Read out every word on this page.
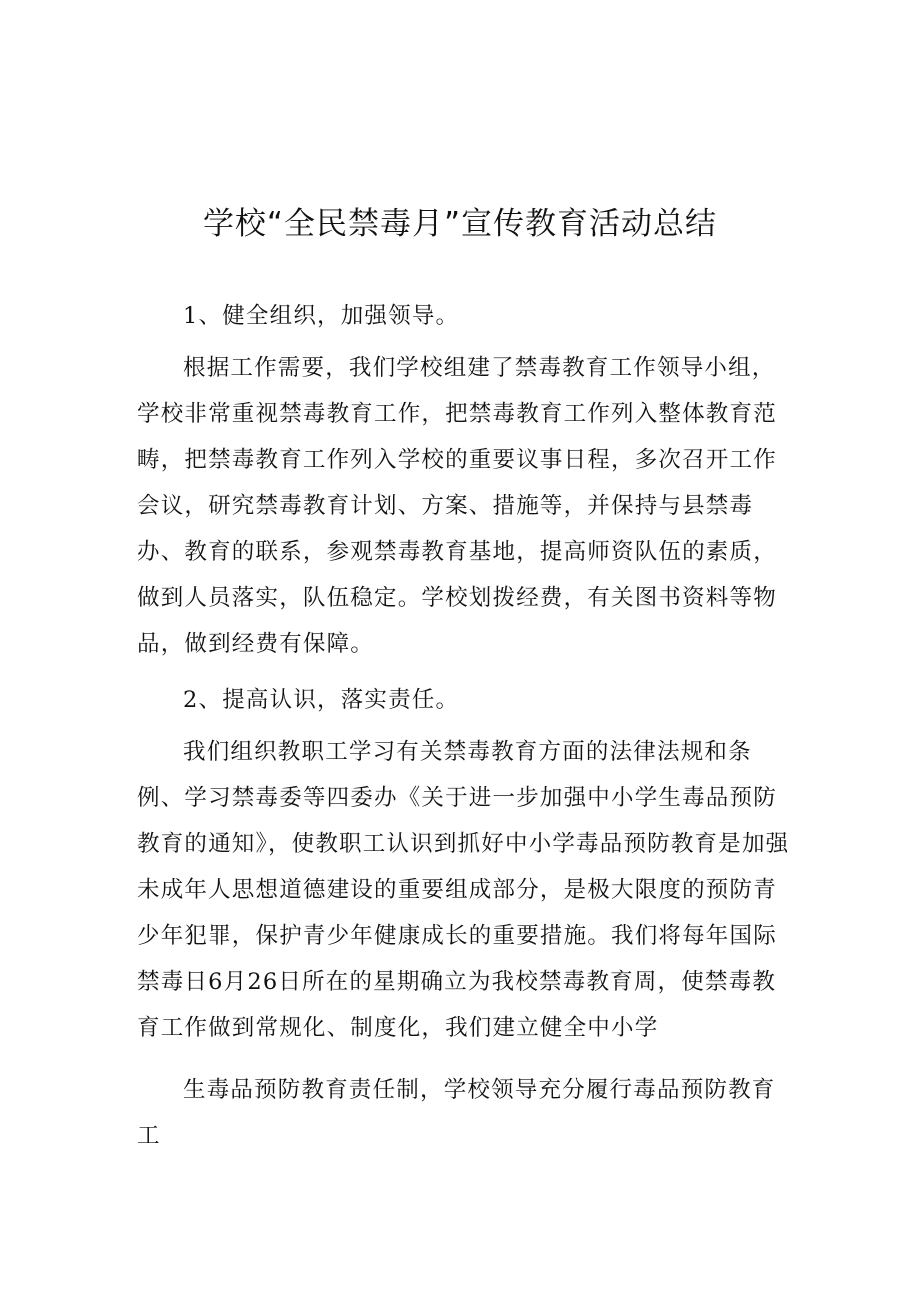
学校“全民禁毒月”宣传教育活动总结

1、健全组织，加强领导。

根据工作需要，我们学校组建了禁毒教育工作领导小组，学校非常重视禁毒教育工作，把禁毒教育工作列入整体教育范畴，把禁毒教育工作列入学校的重要议事日程，多次召开工作会议，研究禁毒教育计划、方案、措施等，并保持与县禁毒办、教育的联系，参观禁毒教育基地，提高师资队伍的素质，做到人员落实，队伍稳定。学校划拨经费，有关图书资料等物品，做到经费有保障。

2、提高认识，落实责任。

我们组织教职工学习有关禁毒教育方面的法律法规和条例、学习禁毒委等四委办《关于进一步加强中小学生毒品预防教育的通知》，使教职工认识到抓好中小学毒品预防教育是加强未成年人思想道德建设的重要组成部分，是极大限度的预防青少年犯罪，保护青少年健康成长的重要措施。我们将每年国际禁毒日6月26日所在的星期确立为我校禁毒教育周，使禁毒教育工作做到常规化、制度化，我们建立健全中小学

生毒品预防教育责任制，学校领导充分履行毒品预防教育工
